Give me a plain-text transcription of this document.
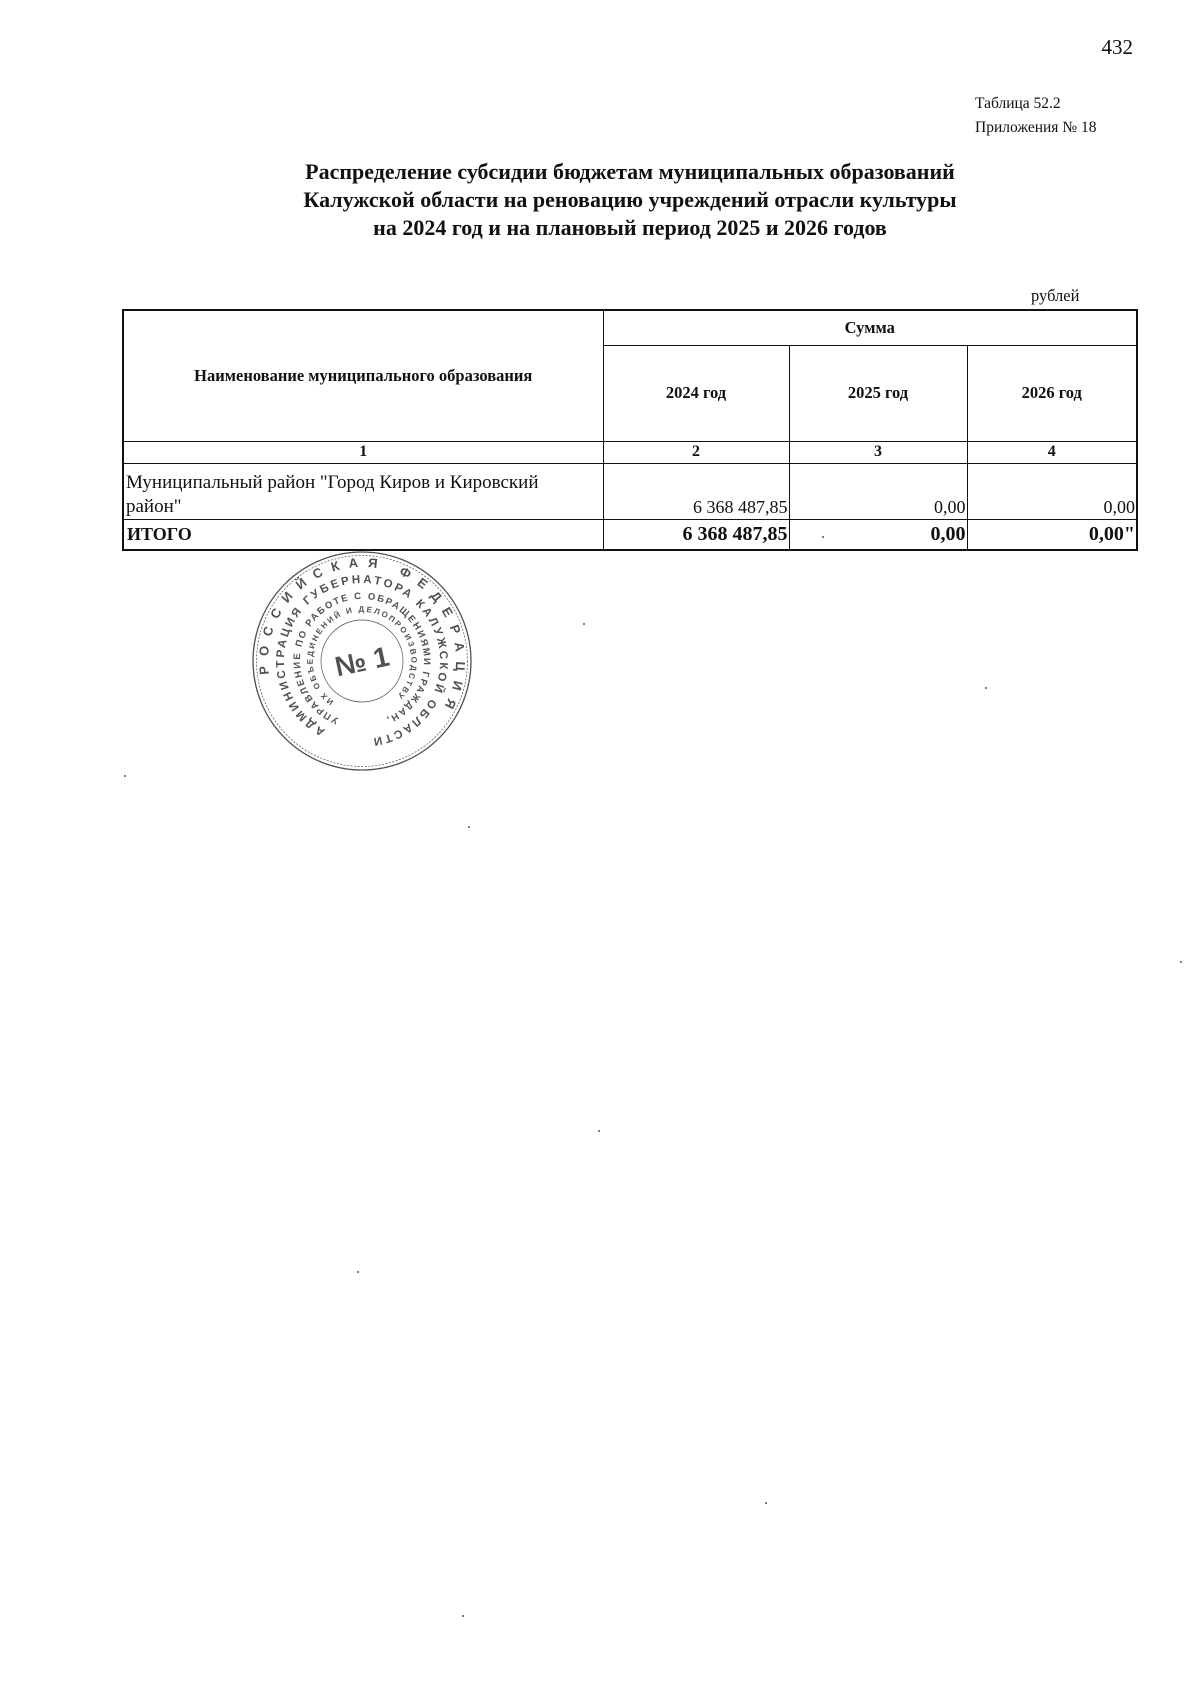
432
Таблица 52.2
Приложения № 18
Распределение субсидии бюджетам муниципальных образований
Калужской области на реновацию учреждений отрасли культуры
на 2024 год и на плановый период 2025 и 2026 годов
рублей
Наименование муниципального образования	Сумма		
	2024 год	2025 год	2026 год
1	2	3	4
Муниципальный район "Город Киров и Кировский район"	6 368 487,85	0,00	0,00
ИТОГО	6 368 487,85	0,00	0,00"
РОССИЙСКАЯ ФЕДЕРАЦИЯ
АДМИНИСТРАЦИЯ ГУБЕРНАТОРА КАЛУЖСКОЙ ОБЛАСТИ
УПРАВЛЕНИЕ ПО РАБОТЕ С ОБРАЩЕНИЯМИ ГРАЖДАН,
ИХ ОБЪЕДИНЕНИЙ И ДЕЛОПРОИЗВОДСТВУ
№ 1
